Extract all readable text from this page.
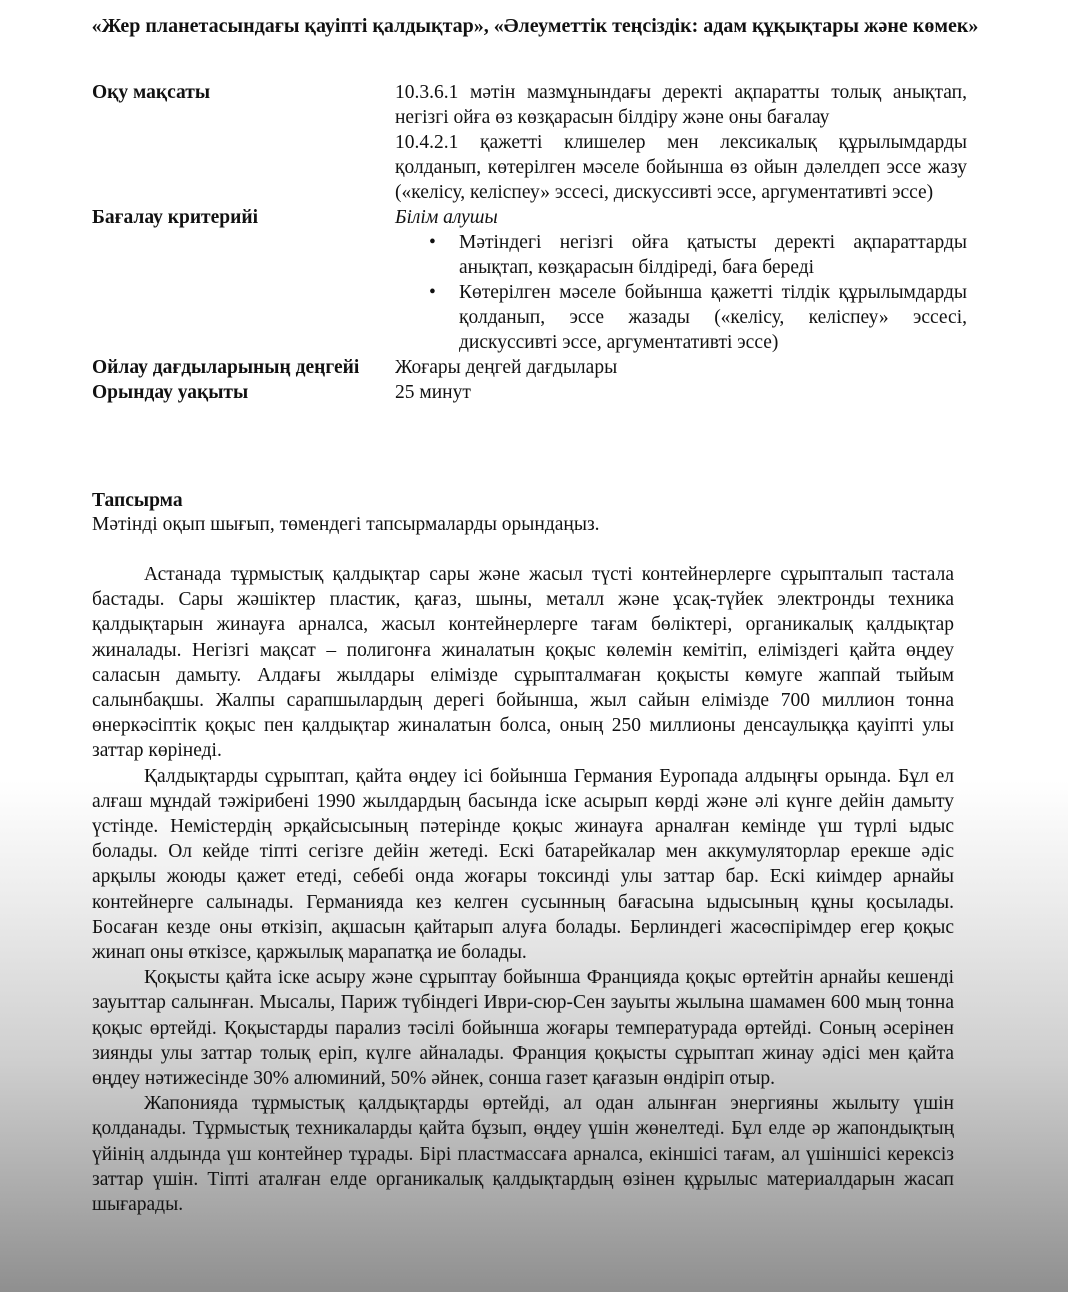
«Жер планетасындағы қауіпті қалдықтар», «Әлеуметтік теңсіздік: адам құқықтары және көмек»
Оқу мақсаты	10.3.6.1 мәтін мазмұнындағы деректі ақпаратты толық анықтап, негізгі ойға өз көзқарасын білдіру және оны бағалау

10.4.2.1 қажетті клишелер мен лексикалық құрылымдарды қолданып, көтерілген мәселе бойынша өз ойын дәлелдеп эссе жазу («келісу, келіспеу» эссесі, дискуссивті эссе, аргументативті эссе)

Бағалау критерийі	Білім алушы

• Мәтіндегі негізгі ойға қатысты деректі ақпараттарды анықтап, көзқарасын білдіреді, баға береді
• Көтерілген мәселе бойынша қажетті тілдік құрылымдарды қолданып, эссе жазады («келісу, келіспеу» эссесі, дискуссивті эссе, аргументативті эссе)
Ойлау дағдыларының деңгейі	Жоғары деңгей дағдылары
Орындау уақыты	25 минут
Тапсырма
Мәтінді оқып шығып, төмендегі тапсырмаларды орындаңыз.

Астанада тұрмыстық қалдықтар сары және жасыл түсті контейнерлерге сұрыпталып тастала бастады. Сары жәшіктер пластик, қағаз, шыны, металл және ұсақ-түйек электронды техника қалдықтарын жинауға арналса, жасыл контейнерлерге тағам бөліктері, органикалық қалдықтар жиналады. Негізгі мақсат – полигонға жиналатын қоқыс көлемін кемітіп, еліміздегі қайта өңдеу саласын дамыту. Алдағы жылдары елімізде сұрыпталмаған қоқысты көмуге жаппай тыйым салынбақшы. Жалпы сарапшылардың дерегі бойынша, жыл сайын елімізде 700 миллион тонна өнеркәсіптік қоқыс пен қалдықтар жиналатын болса, оның 250 миллионы денсаулыққа қауіпті улы заттар көрінеді.

Қалдықтарды сұрыптап, қайта өңдеу ісі бойынша Германия Еуропада алдыңғы орында. Бұл ел алғаш мұндай тәжірибені 1990 жылдардың басында іске асырып көрді және әлі күнге дейін дамыту үстінде. Немістердің әрқайсысының пәтерінде қоқыс жинауға арналған кемінде үш түрлі ыдыс болады. Ол кейде тіпті сегізге дейін жетеді. Ескі батарейкалар мен аккумуляторлар ерекше әдіс арқылы жоюды қажет етеді, себебі онда жоғары токсинді улы заттар бар. Ескі киімдер арнайы контейнерге салынады. Германияда кез келген сусынның бағасына ыдысының құны қосылады. Босаған кезде оны өткізіп, ақшасын қайтарып алуға болады. Берлиндегі жасөспірімдер егер қоқыс жинап оны өткізсе, қаржылық марапатқа ие болады.

Қоқысты қайта іске асыру және сұрыптау бойынша Францияда қоқыс өртейтін арнайы кешенді зауыттар салынған. Мысалы, Париж түбіндегі Иври-сюр-Сен зауыты жылына шамамен 600 мың тонна қоқыс өртейді. Қоқыстарды парализ тәсілі бойынша жоғары температурада өртейді. Соның әсерінен зиянды улы заттар толық еріп, күлге айналады. Франция қоқысты сұрыптап жинау әдісі мен қайта өңдеу нәтижесінде 30% алюминий, 50% әйнек, сонша газет қағазын өндіріп отыр.

Жапонияда тұрмыстық қалдықтарды өртейді, ал одан алынған энергияны жылыту үшін қолданады. Тұрмыстық техникаларды қайта бұзып, өңдеу үшін жөнелтеді. Бұл елде әр жапондықтың үйінің алдында үш контейнер тұрады. Бірі пластмассаға арналса, екіншісі тағам, ал үшіншісі керексіз заттар үшін. Тіпті аталған елде органикалық қалдықтардың өзінен құрылыс материалдарын жасап шығарады.
